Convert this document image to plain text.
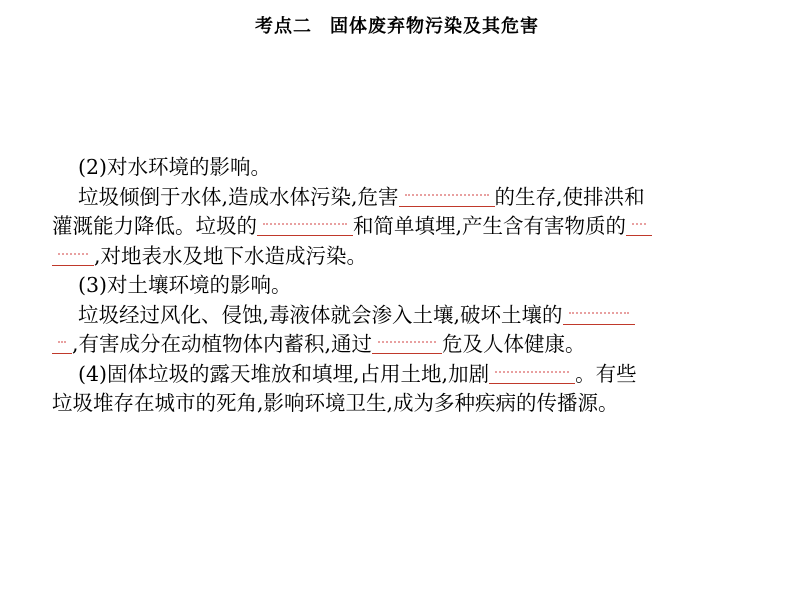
考点二 固体废弃物污染及其危害
(2)对水环境的影响。
垃圾倾倒于水体,造成水体污染,危害	的生存,使排洪和
灌溉能力降低。垃圾的	和简单填埋,产生含有害物质的
,对地表水及地下水造成污染。
(3)对土壤环境的影响。
垃圾经过风化、侵蚀,毒液体就会渗入土壤,破坏土壤的
,有害成分在动植物体内蓄积,通过	危及人体健康。
(4)固体垃圾的露天堆放和填埋,占用土地,加剧	。有些
垃圾堆存在城市的死角,影响环境卫生,成为多种疾病的传播源。
